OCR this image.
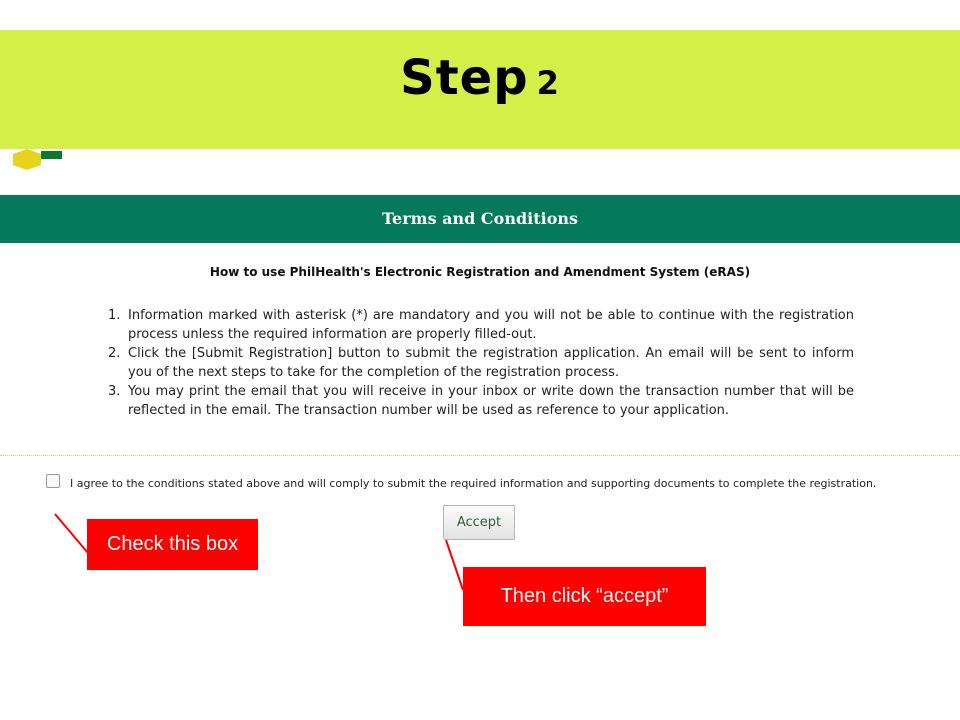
Step 2
Terms and Conditions
How to use PhilHealth's Electronic Registration and Amendment System (eRAS)
1. Information marked with asterisk (*) are mandatory and you will not be able to continue with the registration process unless the required information are properly filled-out.
2. Click the [Submit Registration] button to submit the registration application. An email will be sent to inform you of the next steps to take for the completion of the registration process.
3. You may print the email that you will receive in your inbox or write down the transaction number that will be reflected in the email. The transaction number will be used as reference to your application.
I agree to the conditions stated above and will comply to submit the required information and supporting documents to complete the registration.
Accept
Check this box
Then click “accept”
